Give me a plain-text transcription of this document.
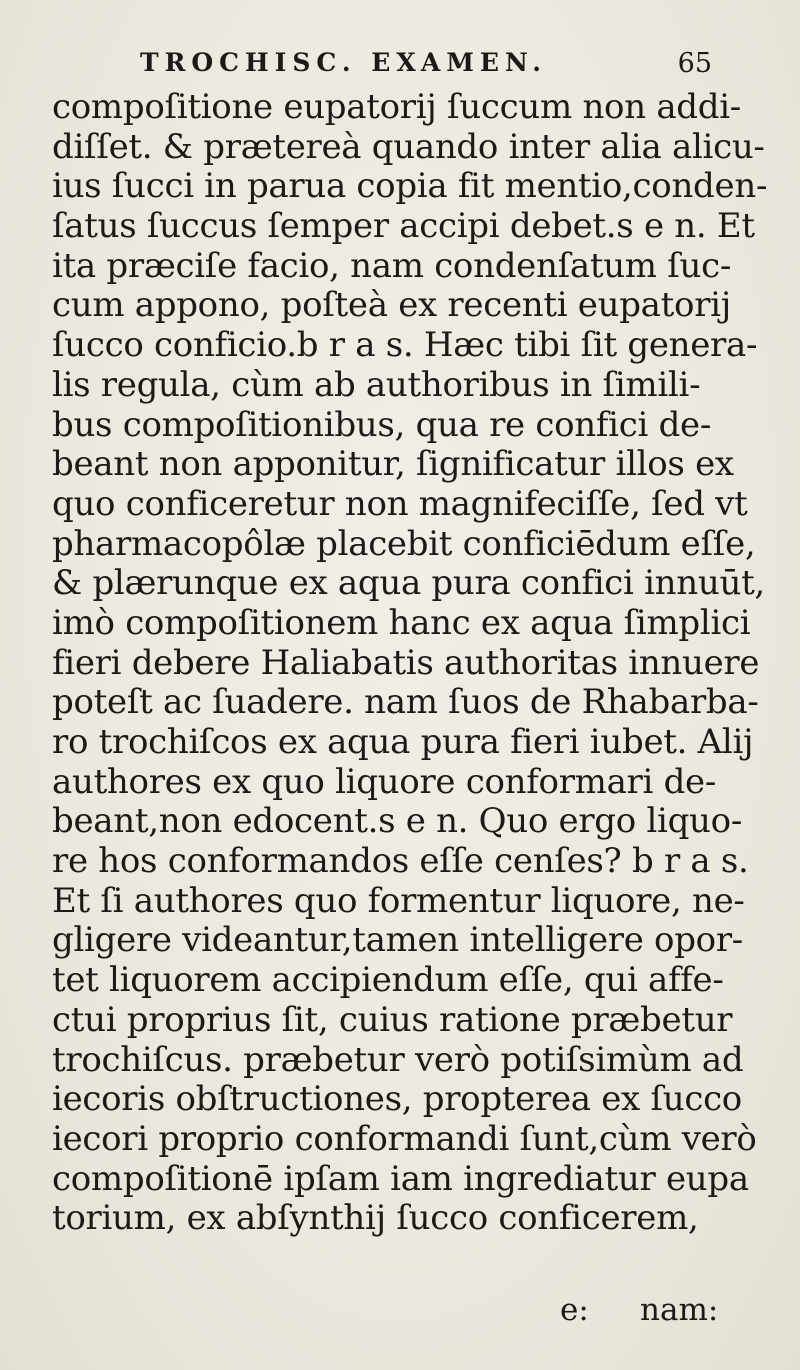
TROCHISC. EXAMEN.	65
compoſitione eupatorij ſuccum non addi-
diſſet. & prætereà quando inter alia alicu-
ius ſucci in parua copia fit mentio,conden-
ſatus ſuccus ſemper accipi debet.s e n. Et
ita præciſe facio, nam condenſatum ſuc-
cum appono, poſteà ex recenti eupatorij
ſucco conficio.b r a s. Hæc tibi ſit genera-
lis regula, cùm ab authoribus in ſimili-
bus compoſitionibus, qua re confici de-
beant non apponitur, ſignificatur illos ex
quo conficeretur non magnifeciſſe, ſed vt
pharmacopôlæ placebit conficiēdum eſſe,
& plærunque ex aqua pura confici innuūt,
imò compoſitionem hanc ex aqua ſimplici
fieri debere Haliabatis authoritas innuere
poteſt ac ſuadere. nam ſuos de Rhabarba-
ro trochiſcos ex aqua pura fieri iubet. Alij
authores ex quo liquore conformari de-
beant,non edocent.s e n. Quo ergo liquo-
re hos conformandos eſſe cenſes? b r a s.
Et ſi authores quo formentur liquore, ne-
gligere videantur,tamen intelligere opor-
tet liquorem accipiendum eſſe, qui affe-
ctui proprius ſit, cuius ratione præbetur
trochiſcus. præbetur verò potiſsimùm ad
iecoris obſtructiones, propterea ex ſucco
iecori proprio conformandi ſunt,cùm verò
compoſitionē ipſam iam ingrediatur eupa
torium, ex abſynthij ſucco conficerem,
e: nam:
